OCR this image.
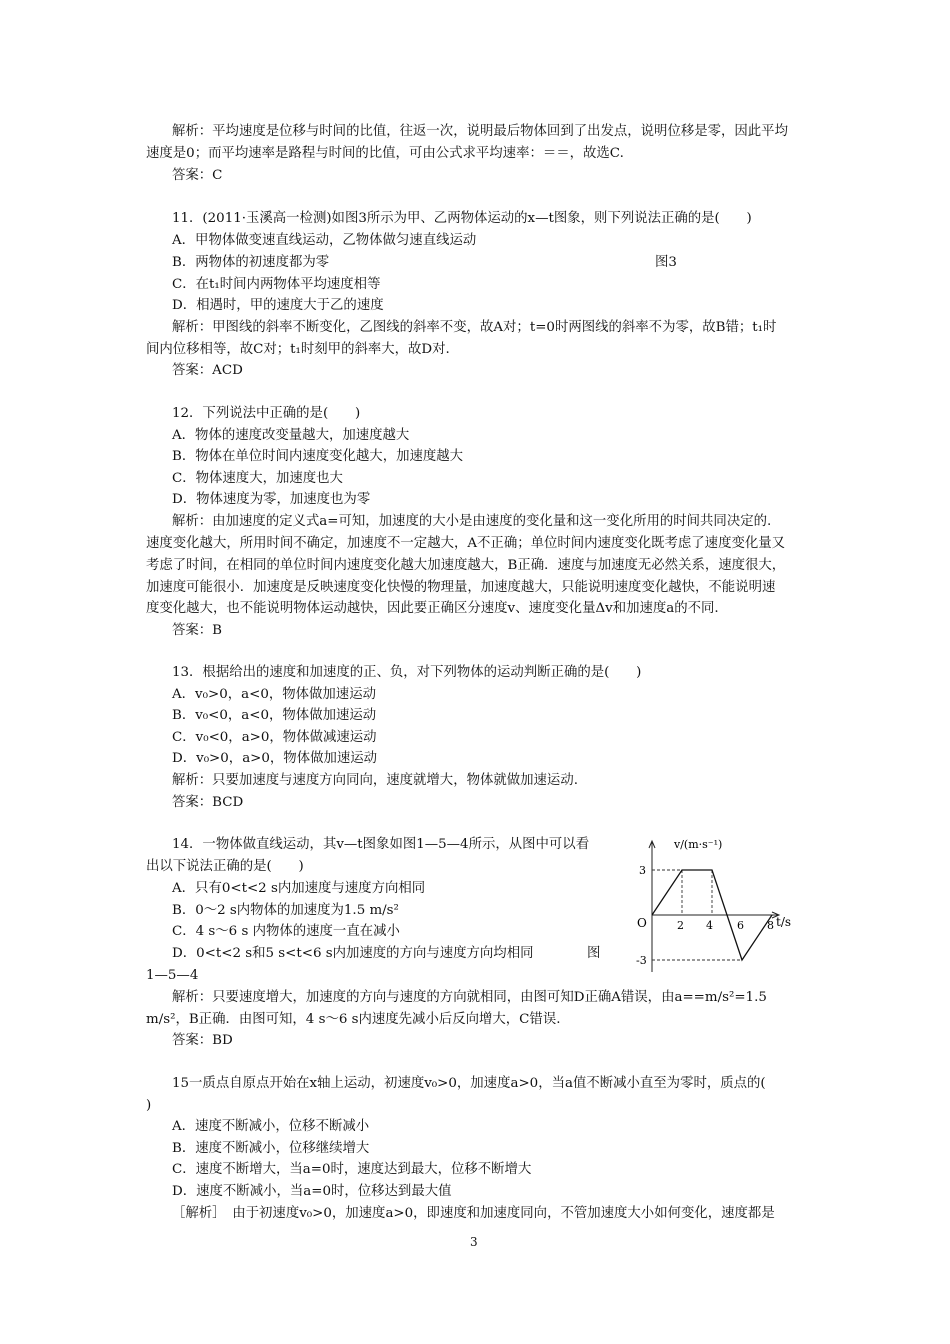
解析：平均速度是位移与时间的比值，往返一次，说明最后物体回到了出发点，说明位移是零，因此平均
速度是0；而平均速率是路程与时间的比值，可由公式求平均速率：＝＝，故选C.
答案：C
11．(2011·玉溪高一检测)如图3所示为甲、乙两物体运动的x—t图象，则下列说法正确的是(　　)
A．甲物体做变速直线运动，乙物体做匀速直线运动
B．两物体的初速度都为零
C．在t₁时间内两物体平均速度相等
D．相遇时，甲的速度大于乙的速度
解析：甲图线的斜率不断变化，乙图线的斜率不变，故A对；t=0时两图线的斜率不为零，故B错；t₁时
间内位移相等，故C对；t₁时刻甲的斜率大，故D对.
答案：ACD
12．下列说法中正确的是(　　)
A．物体的速度改变量越大，加速度越大
B．物体在单位时间内速度变化越大，加速度越大
C．物体速度大，加速度也大
D．物体速度为零，加速度也为零
解析：由加速度的定义式a=可知，加速度的大小是由速度的变化量和这一变化所用的时间共同决定的.
速度变化越大，所用时间不确定，加速度不一定越大，A不正确；单位时间内速度变化既考虑了速度变化量又
考虑了时间，在相同的单位时间内速度变化越大加速度越大，B正确．速度与加速度无必然关系，速度很大，
加速度可能很小．加速度是反映速度变化快慢的物理量，加速度越大，只能说明速度变化越快，不能说明速
度变化越大，也不能说明物体运动越快，因此要正确区分速度v、速度变化量Δv和加速度a的不同.
答案：B
13．根据给出的速度和加速度的正、负，对下列物体的运动判断正确的是(　　)
A．v₀>0，a<0，物体做加速运动
B．v₀<0，a<0，物体做加速运动
C．v₀<0，a>0，物体做减速运动
D．v₀>0，a>0，物体做加速运动
解析：只要加速度与速度方向同向，速度就增大，物体就做加速运动.
答案：BCD
14．一物体做直线运动，其v—t图象如图1—5—4所示，从图中可以看
出以下说法正确的是(　　)
A．只有0<t<2 s内加速度与速度方向相同
B．0～2 s内物体的加速度为1.5 m/s²
C．4 s～6 s 内物体的速度一直在减小
D．0<t<2 s和5 s<t<6 s内加速度的方向与速度方向均相同　　　　图
1—5—4
解析：只要速度增大，加速度的方向与速度的方向就相同，由图可知D正确A错误，由a==m/s²=1.5
m/s²，B正确．由图可知，4 s～6 s内速度先减小后反向增大，C错误.
答案：BD
15一质点自原点开始在x轴上运动，初速度v₀>0，加速度a>0，当a值不断减小直至为零时，质点的(
)
A．速度不断减小，位移不断减小
B．速度不断减小，位移继续增大
C．速度不断增大，当a=0时，速度达到最大，位移不断增大
D．速度不断减小，当a=0时，位移达到最大值
［解析］　由于初速度v₀>0，加速度a>0，即速度和加速度同向，不管加速度大小如何变化，速度都是
图3
v/(m·s⁻¹)
t/s
O	2 4 6 8
3
-3
3
